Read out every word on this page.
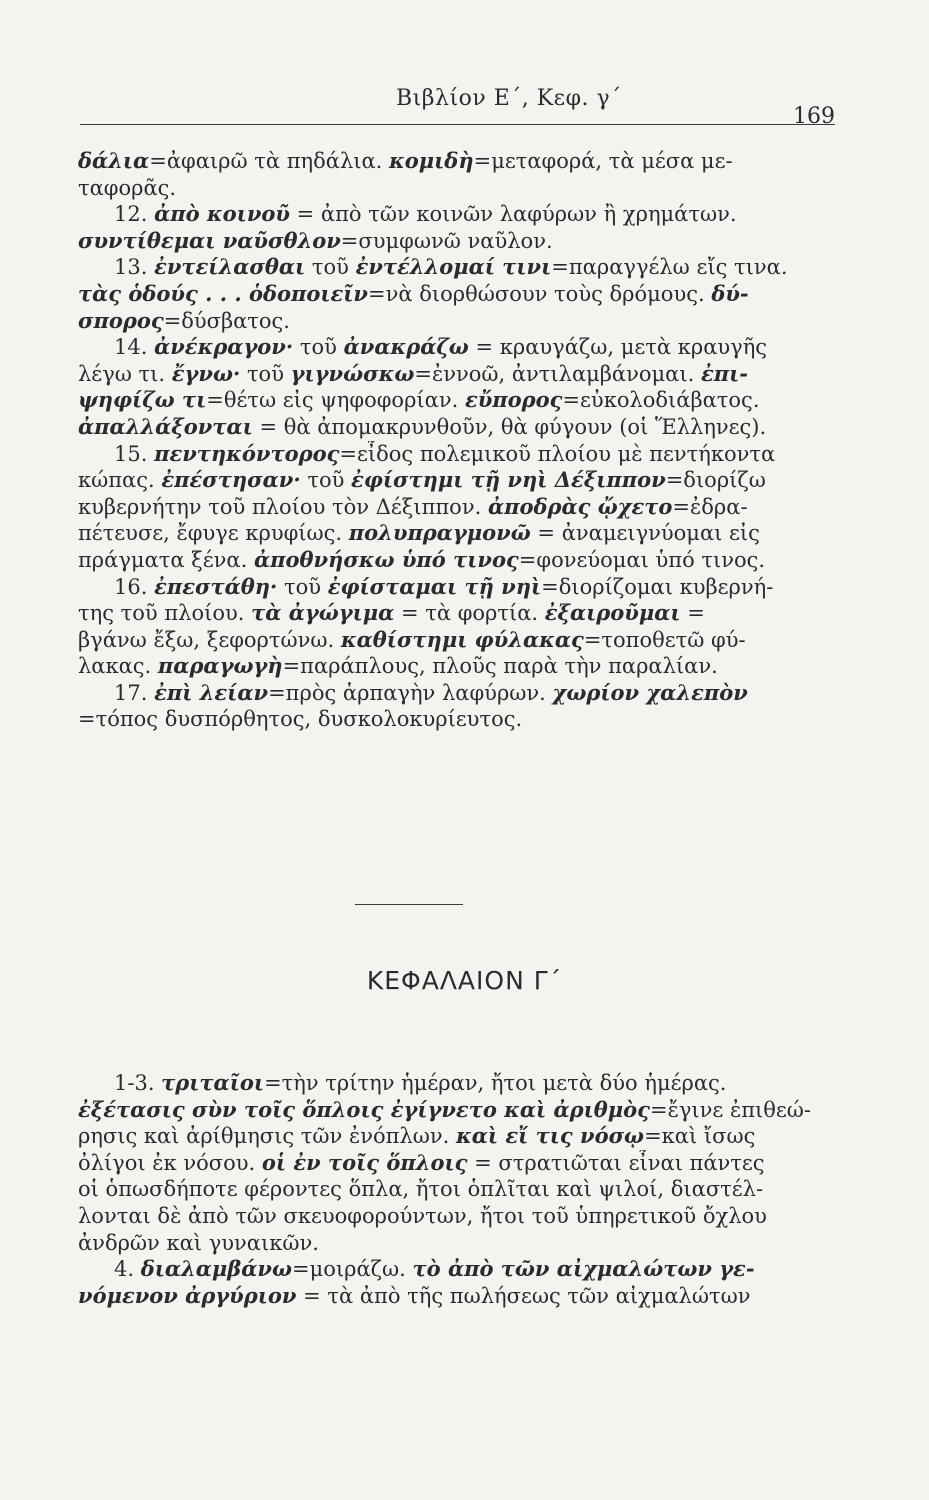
Βιβλίον Ε΄, Κεφ. γ΄
169
δάλια=ἀφαιρῶ τὰ πηδάλια. κομιδὴ=μεταφορά, τὰ μέσα με-
ταφορᾶς.
12. ἀπὸ κοινοῦ = ἀπὸ τῶν κοινῶν λαφύρων ἢ χρημάτων.
συντίθεμαι ναῦσθλον=συμφωνῶ ναῦλον.
13. ἐντείλασθαι τοῦ ἐντέλλομαί τινι=παραγγέλω εἴς τινα.
τὰς ὁδούς . . . ὁδοποιεῖν=νὰ διορθώσουν τοὺς δρόμους. δύ-
σπορος=δύσβατος.
14. ἀνέκραγον· τοῦ ἀνακράζω = κραυγάζω, μετὰ κραυγῆς
λέγω τι. ἔγνω· τοῦ γιγνώσκω=ἐννοῶ, ἀντιλαμβάνομαι. ἐπι-
ψηφίζω τι=θέτω εἰς ψηφοφορίαν. εὔπορος=εὐκολοδιάβατος.
ἀπαλλάξονται = θὰ ἀπομακρυνθοῦν, θὰ φύγουν (οἱ Ἕλληνες).
15. πεντηκόντορος=εἶδος πολεμικοῦ πλοίου μὲ πεντήκοντα
κώπας. ἐπέστησαν· τοῦ ἐφίστημι τῇ νηὶ Δέξιππον=διορίζω
κυβερνήτην τοῦ πλοίου τὸν Δέξιππον. ἀποδρὰς ᾤχετο=ἐδρα-
πέτευσε, ἔφυγε κρυφίως. πολυπραγμονῶ = ἀναμειγνύομαι εἰς
πράγματα ξένα. ἀποθνήσκω ὑπό τινος=φονεύομαι ὑπό τινος.
16. ἐπεστάθη· τοῦ ἐφίσταμαι τῇ νηὶ=διορίζομαι κυβερνή-
της τοῦ πλοίου. τὰ ἀγώγιμα = τὰ φορτία. ἐξαιροῦμαι =
βγάνω ἔξω, ξεφορτώνω. καθίστημι φύλακας=τοποθετῶ φύ-
λακας. παραγωγὴ=παράπλους, πλοῦς παρὰ τὴν παραλίαν.
17. ἐπὶ λείαν=πρὸς ἁρπαγὴν λαφύρων. χωρίον χαλεπὸν
=τόπος δυσπόρθητος, δυσκολοκυρίευτος.
ΚΕΦΑΛΑΙΟΝ Γ΄
1-3. τριταῖοι=τὴν τρίτην ἡμέραν, ἤτοι μετὰ δύο ἡμέρας.
ἐξέτασις σὺν τοῖς ὅπλοις ἐγίγνετο καὶ ἀριθμὸς=ἔγινε ἐπιθεώ-
ρησις καὶ ἀρίθμησις τῶν ἐνόπλων. καὶ εἴ τις νόσῳ=καὶ ἴσως
ὀλίγοι ἐκ νόσου. οἱ ἐν τοῖς ὅπλοις = στρατιῶται εἶναι πάντες
οἱ ὁπωσδήποτε φέροντες ὅπλα, ἤτοι ὁπλῖται καὶ ψιλοί, διαστέλ-
λονται δὲ ἀπὸ τῶν σκευοφορούντων, ἤτοι τοῦ ὑπηρετικοῦ ὄχλου
ἀνδρῶν καὶ γυναικῶν.
4. διαλαμβάνω=μοιράζω. τὸ ἀπὸ τῶν αἰχμαλώτων γε-
νόμενον ἀργύριον = τὰ ἀπὸ τῆς πωλήσεως τῶν αἰχμαλώτων
